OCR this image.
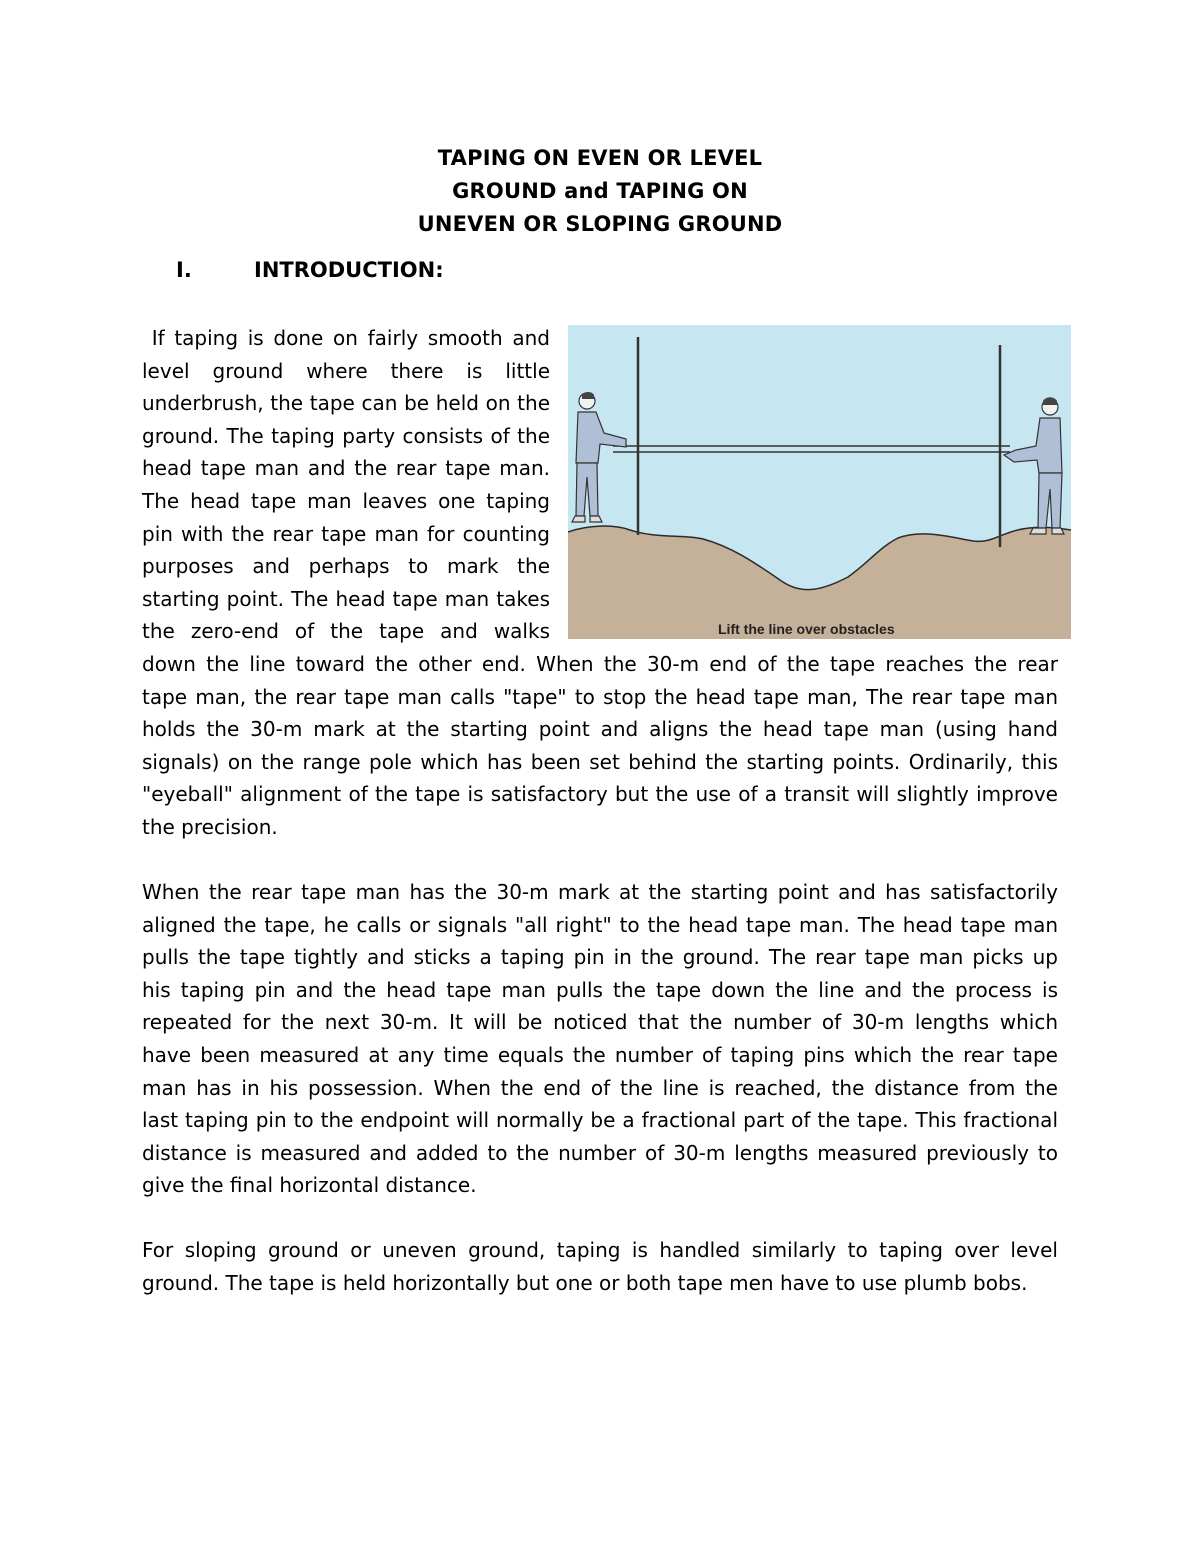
TAPING ON EVEN OR LEVEL
GROUND and TAPING ON
UNEVEN OR SLOPING GROUND
I.	INTRODUCTION:
If taping is done on fairly smooth and
level ground where there is little
underbrush, the tape can be held on the
ground. The taping party consists of the
head tape man and the rear tape man.
The head tape man leaves one taping
pin with the rear tape man for counting
purposes and perhaps to mark the
starting point. The head tape man takes
the zero-end of the tape and walks
down the line toward the other end. When the 30-m end of the tape reaches the rear
tape man, the rear tape man calls "tape" to stop the head tape man, The rear tape man
holds the 30-m mark at the starting point and aligns the head tape man (using hand
signals) on the range pole which has been set behind the starting points. Ordinarily, this
"eyeball" alignment of the tape is satisfactory but the use of a transit will slightly improve
the precision.
When the rear tape man has the 30-m mark at the starting point and has satisfactorily
aligned the tape, he calls or signals "all right" to the head tape man. The head tape man
pulls the tape tightly and sticks a taping pin in the ground. The rear tape man picks up
his taping pin and the head tape man pulls the tape down the line and the process is
repeated for the next 30-m. It will be noticed that the number of 30-m lengths which
have been measured at any time equals the number of taping pins which the rear tape
man has in his possession. When the end of the line is reached, the distance from the
last taping pin to the endpoint will normally be a fractional part of the tape. This fractional
distance is measured and added to the number of 30-m lengths measured previously to
give the final horizontal distance.
For sloping ground or uneven ground, taping is handled similarly to taping over level
ground. The tape is held horizontally but one or both tape men have to use plumb bobs.
Lift the line over obstacles
